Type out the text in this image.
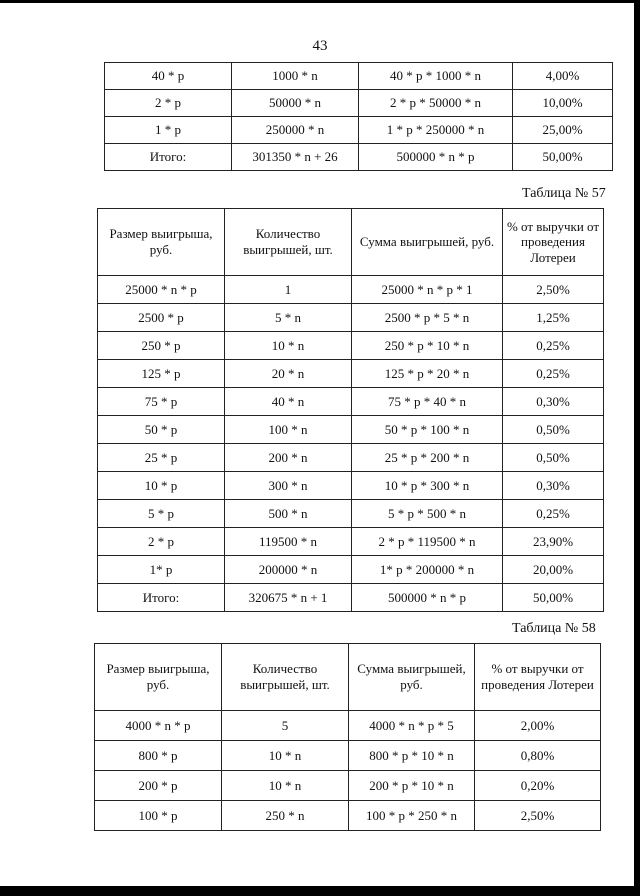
43
40 * p	1000 * n	40 * p * 1000 * n	4,00%
2 * p	50000 * n	2 * p * 50000 * n	10,00%
1 * p	250000 * n	1 * p * 250000 * n	25,00%
Итого:	301350 * n + 26	500000 * n * p	50,00%
Таблица № 57
Размер выигрыша, руб.	Количество выигрышей, шт.	Сумма выигрышей, руб.	% от выручки от проведения Лотереи
25000 * n * p	1	25000 * n * p * 1	2,50%
2500 * p	5 * n	2500 * p * 5 * n	1,25%
250 * p	10 * n	250 * p * 10 * n	0,25%
125 * p	20 * n	125 * p * 20 * n	0,25%
75 * p	40 * n	75 * p * 40 * n	0,30%
50 * p	100 * n	50 * p * 100 * n	0,50%
25 * p	200 * n	25 * p * 200 * n	0,50%
10 * p	300 * n	10 * p * 300 * n	0,30%
5 * p	500 * n	5 * p * 500 * n	0,25%
2 * p	119500 * n	2 * p * 119500 * n	23,90%
1* p	200000 * n	1* p * 200000 * n	20,00%
Итого:	320675 * n + 1	500000 * n * p	50,00%
Таблица № 58
Размер выигрыша, руб.	Количество выигрышей, шт.	Сумма выигрышей, руб.	% от выручки от проведения Лотереи
4000 * n * p	5	4000 * n * p * 5	2,00%
800 * p	10 * n	800 * p * 10 * n	0,80%
200 * p	10 * n	200 * p * 10 * n	0,20%
100 * p	250 * n	100 * p * 250 * n	2,50%
